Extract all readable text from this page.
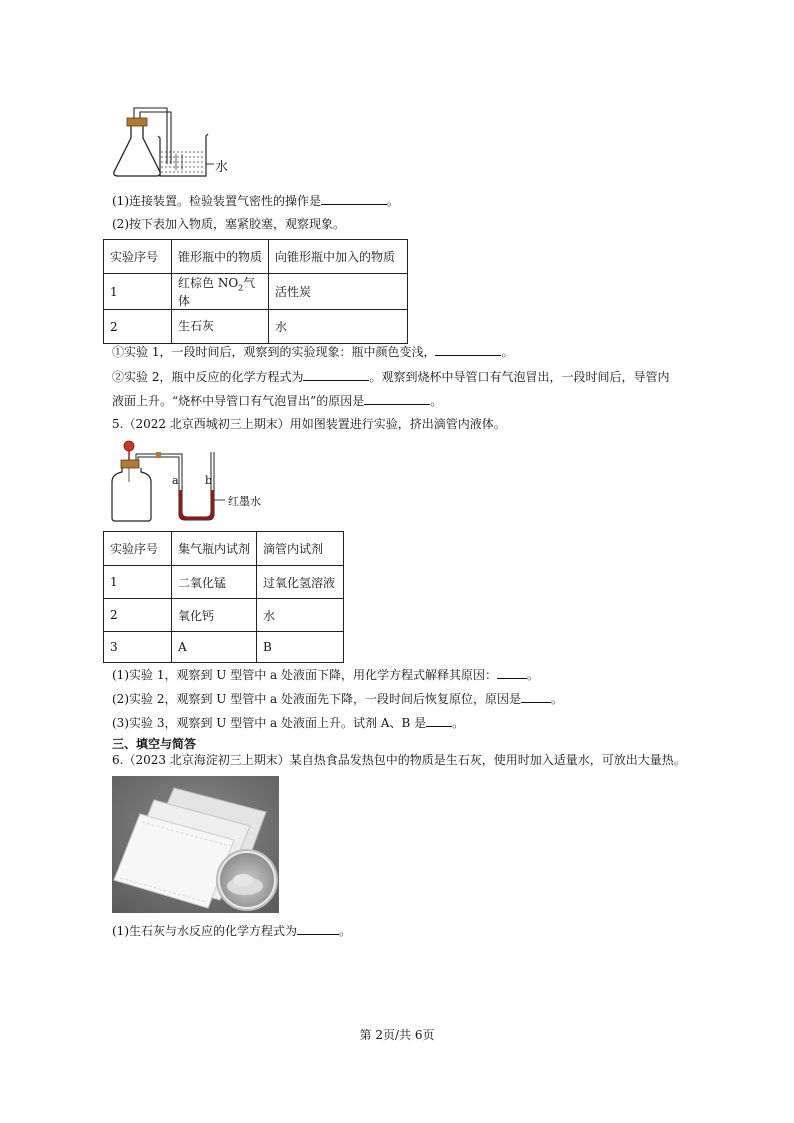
水
(1)连接装置。检验装置气密性的操作是	。
(2)按下表加入物质，塞紧胶塞，观察现象。
实验序号	锥形瓶中的物质	向锥形瓶中加入的物质
1	红棕色 $NO_2$气体	活性炭
2	生石灰	水
①实验 1，一段时间后，观察到的实验现象：瓶中颜色变浅，	。
②实验 2，瓶中反应的化学方程式为	。观察到烧杯中导管口有气泡冒出，一段时间后，导管内
液面上升。“烧杯中导管口有气泡冒出”的原因是	。
5.（2022 北京西城初三上期末）用如图装置进行实验，挤出滴管内液体。
a b
红墨水
实验序号	集气瓶内试剂	滴管内试剂
1	二氧化锰	过氧化氢溶液
2	氧化钙	水
3	A	B
(1)实验 1，观察到 U 型管中 a 处液面下降，用化学方程式解释其原因：	。
(2)实验 2，观察到 U 型管中 a 处液面先下降，一段时间后恢复原位，原因是	。
(3)实验 3，观察到 U 型管中 a 处液面上升。试剂 A、B 是 。
三、填空与简答
6.（2023 北京海淀初三上期末）某自热食品发热包中的物质是生石灰，使用时加入适量水，可放出大量热。
(1)生石灰与水反应的化学方程式为	。
第 2页/共 6页
